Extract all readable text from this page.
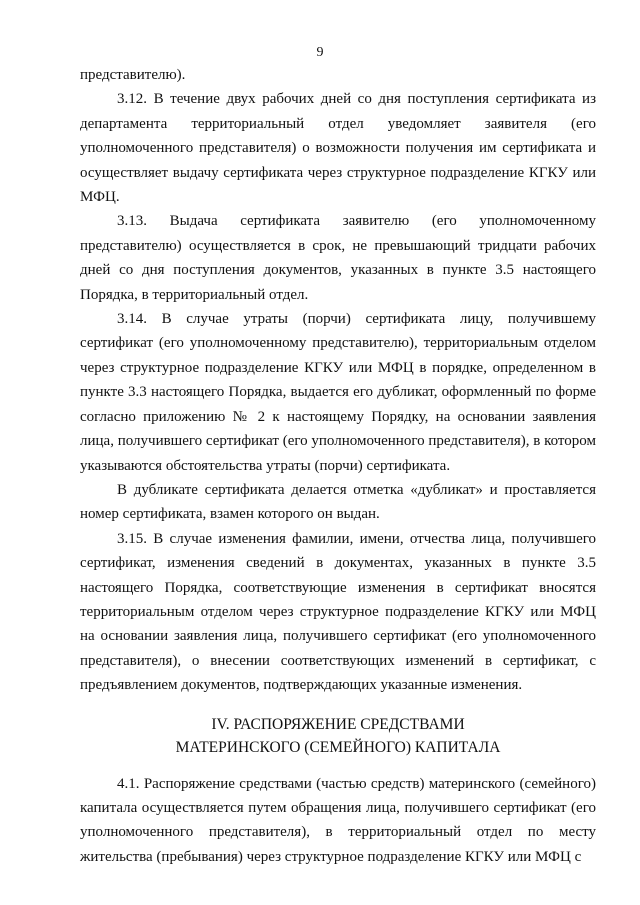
9

представителю).

3.12. В течение двух рабочих дней со дня поступления сертификата из департамента территориальный отдел уведомляет заявителя (его уполномоченного представителя) о возможности получения им сертификата и осуществляет выдачу сертификата через структурное подразделение КГКУ или МФЦ.

3.13. Выдача сертификата заявителю (его уполномоченному представителю) осуществляется в срок, не превышающий тридцати рабочих дней со дня поступления документов, указанных в пункте 3.5 настоящего Порядка, в территориальный отдел.

3.14. В случае утраты (порчи) сертификата лицу, получившему сертификат (его уполномоченному представителю), территориальным отделом через структурное подразделение КГКУ или МФЦ в порядке, определенном в пункте 3.3 настоящего Порядка, выдается его дубликат, оформленный по форме согласно приложению № 2 к настоящему Порядку, на основании заявления лица, получившего сертификат (его уполномоченного представителя), в котором указываются обстоятельства утраты (порчи) сертификата.

В дубликате сертификата делается отметка «дубликат» и проставляется номер сертификата, взамен которого он выдан.

3.15. В случае изменения фамилии, имени, отчества лица, получившего сертификат, изменения сведений в документах, указанных в пункте 3.5 настоящего Порядка, соответствующие изменения в сертификат вносятся территориальным отделом через структурное подразделение КГКУ или МФЦ на основании заявления лица, получившего сертификат (его уполномоченного представителя), о внесении соответствующих изменений в сертификат, с предъявлением документов, подтверждающих указанные изменения.

IV. РАСПОРЯЖЕНИЕ СРЕДСТВАМИ
МАТЕРИНСКОГО (СЕМЕЙНОГО) КАПИТАЛА

4.1. Распоряжение средствами (частью средств) материнского (семейного) капитала осуществляется путем обращения лица, получившего сертификат (его уполномоченного представителя), в территориальный отдел по месту жительства (пребывания) через структурное подразделение КГКУ или МФЦ с
